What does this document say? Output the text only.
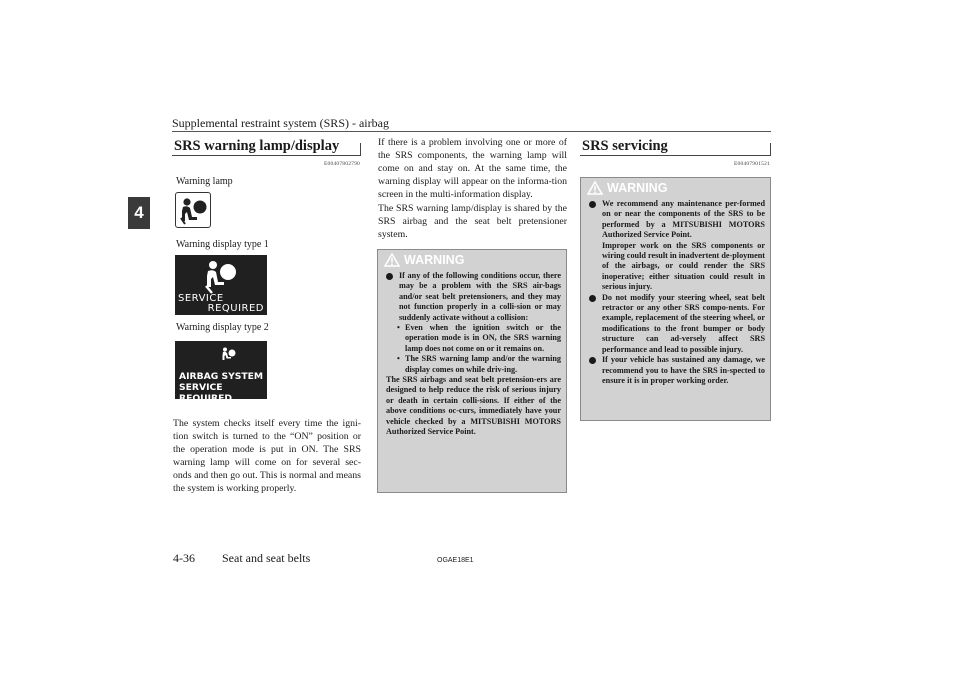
Supplemental restraint system (SRS) - airbag
4
SRS warning lamp/display
E00407802790
Warning lamp
Warning display type 1
SERVICE
REQUIRED
Warning display type 2
AIRBAG SYSTEM
SERVICE REQUIRED
The system checks itself every time the igni-tion switch is turned to the “ON” position or the operation mode is put in ON. The SRS warning lamp will come on for several sec-onds and then go out. This is normal and means the system is working properly.
If there is a problem involving one or more of the SRS components, the warning lamp will come on and stay on. At the same time, the warning display will appear on the informa-tion screen in the multi-information display.
The SRS warning lamp/display is shared by the SRS airbag and the seat belt pretensioner system.
WARNING
If any of the following conditions occur, there may be a problem with the SRS air-bags and/or seat belt pretensioners, and they may not function properly in a colli-sion or may suddenly activate without a collision:
• Even when the ignition switch or the operation mode is in ON, the SRS warning lamp does not come on or it remains on.
• The SRS warning lamp and/or the warning display comes on while driv-ing.
The SRS airbags and seat belt pretension-ers are designed to help reduce the risk of serious injury or death in certain colli-sions. If either of the above conditions oc-curs, immediately have your vehicle checked by a MITSUBISHI MOTORS Authorized Service Point.
SRS servicing
E00407901521
WARNING
We recommend any maintenance per-formed on or near the components of the SRS to be performed by a MITSUBISHI MOTORS Authorized Service Point.
Improper work on the SRS components or wiring could result in inadvertent de-ployment of the airbags, or could render the SRS inoperative; either situation could result in serious injury.
Do not modify your steering wheel, seat belt retractor or any other SRS compo-nents. For example, replacement of the steering wheel, or modifications to the front bumper or body structure can ad-versely affect SRS performance and lead to possible injury.
If your vehicle has sustained any damage, we recommend you to have the SRS in-spected to ensure it is in proper working order.
4-36 Seat and seat belts	OGAE18E1
